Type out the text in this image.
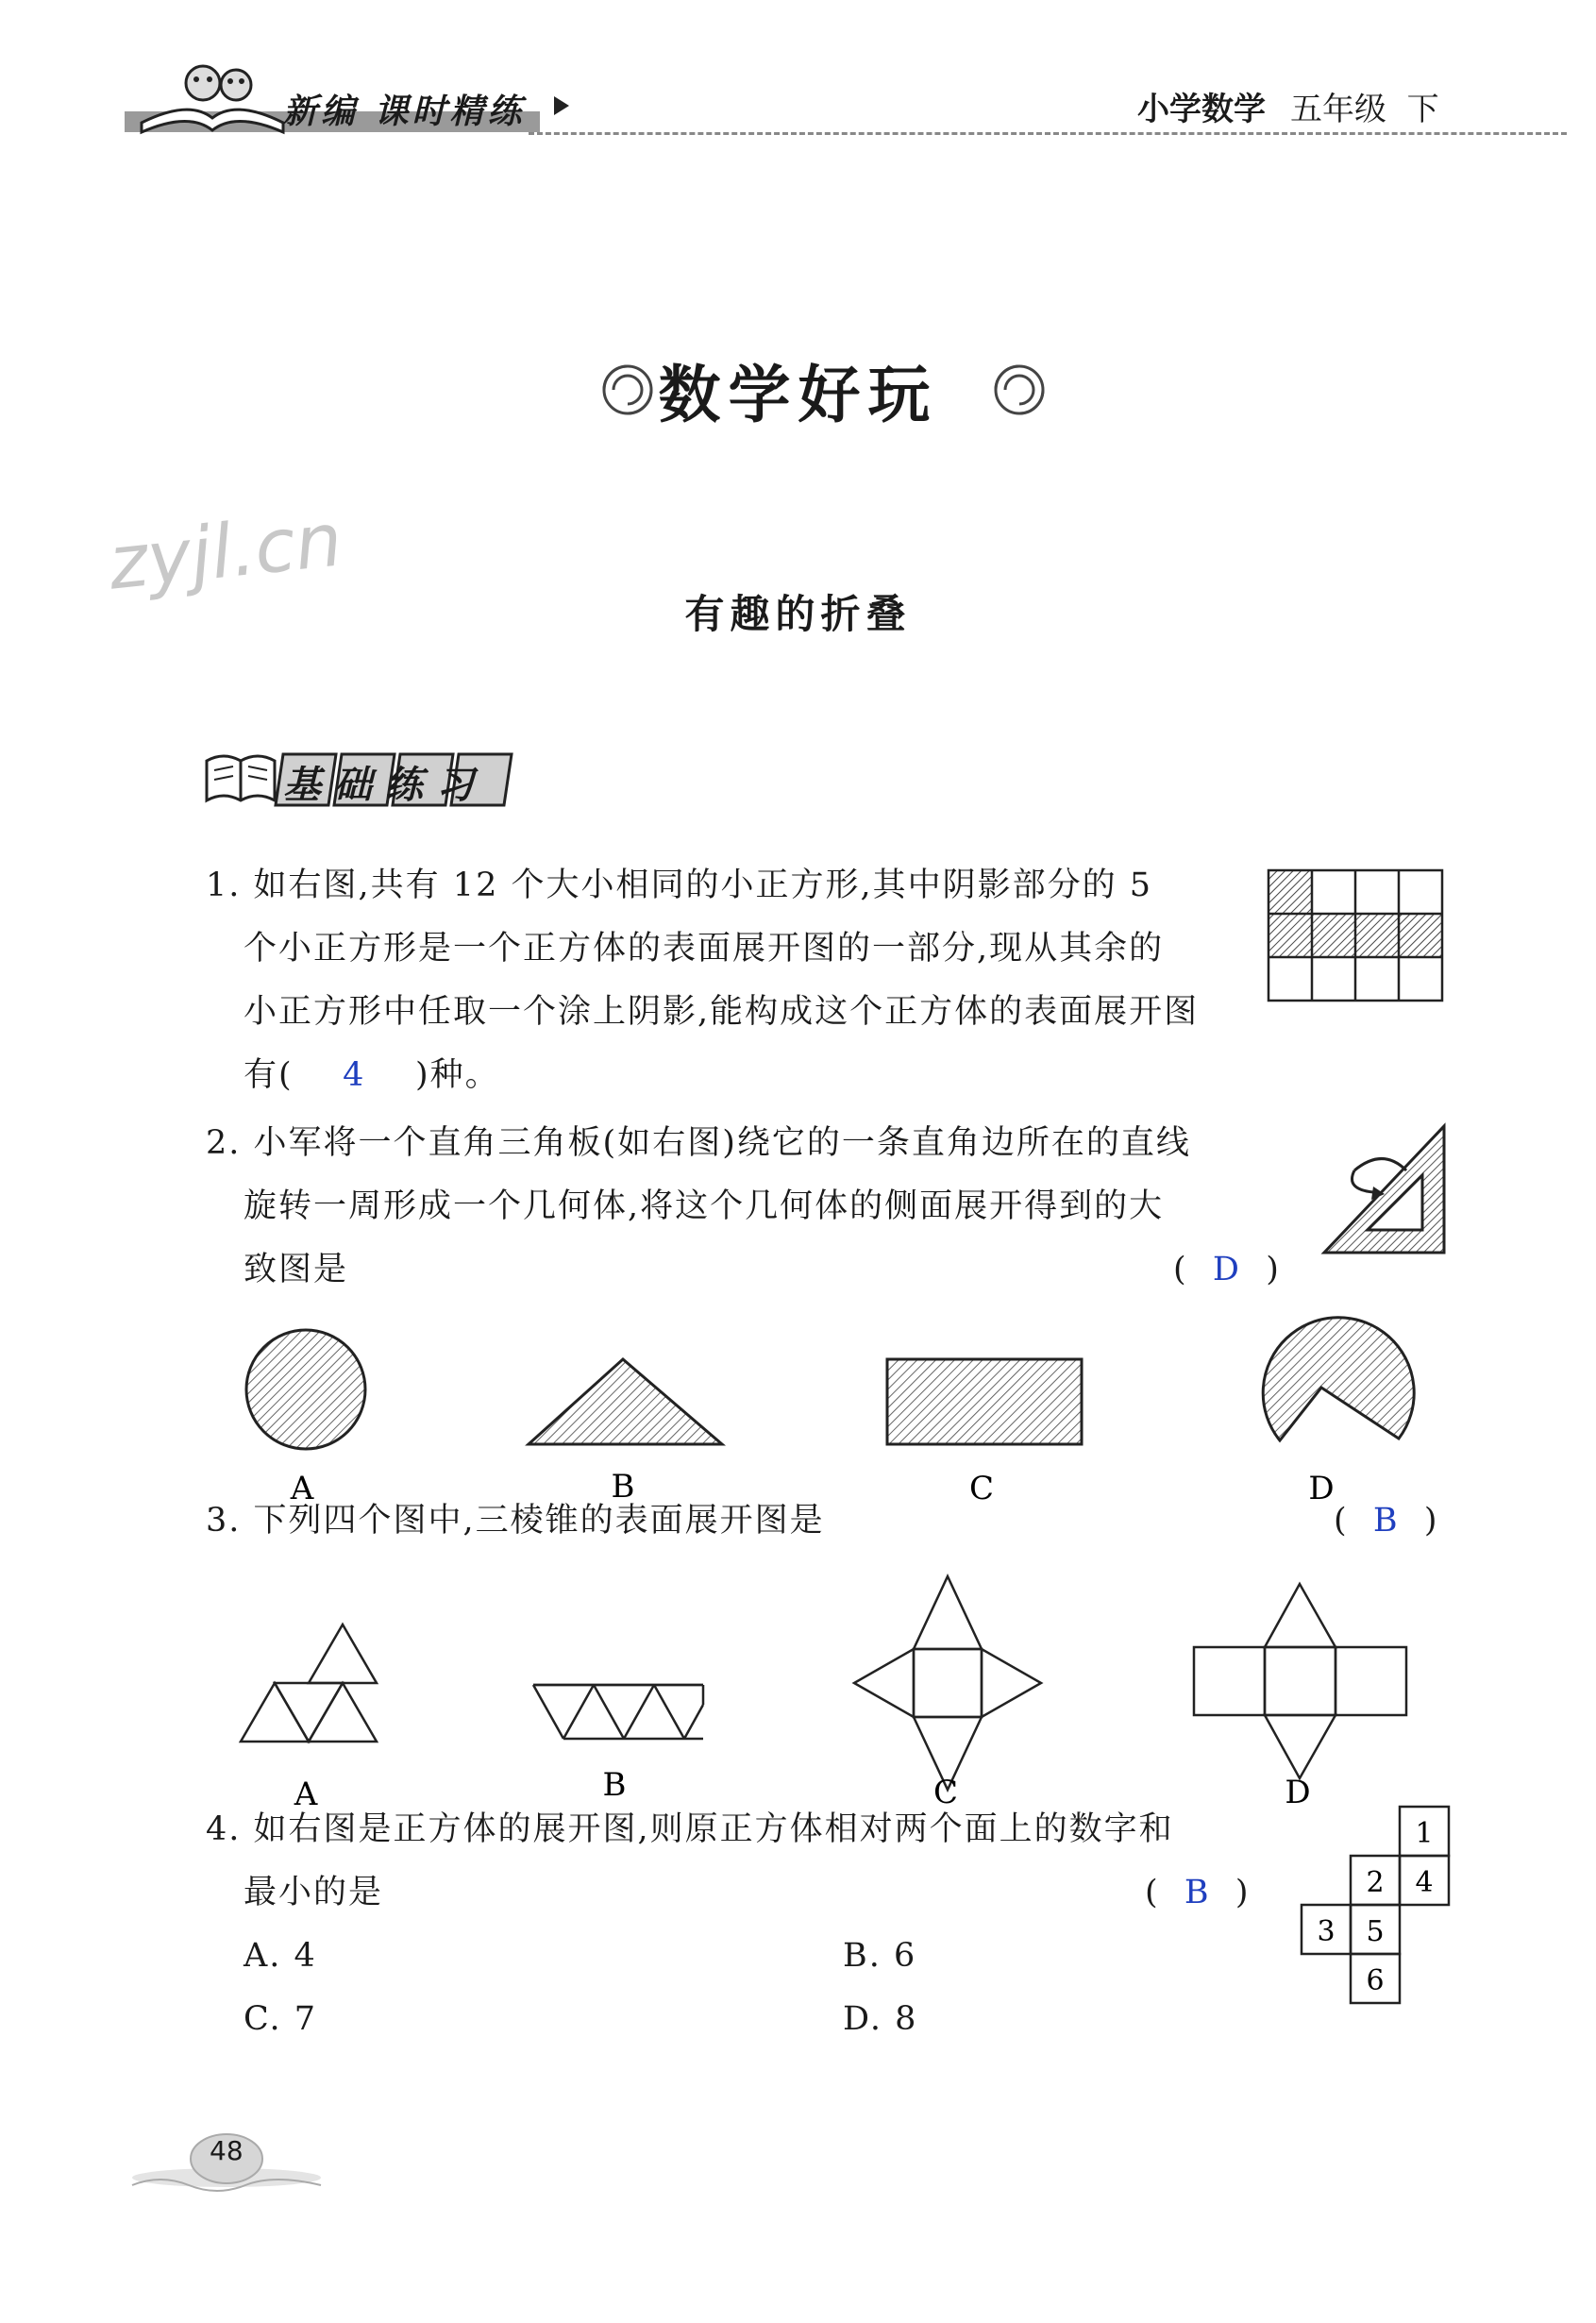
新编 课时精练	小学数学 五年级 下
数学好玩
zyjl.cn
有趣的折叠
基础练习
1. 如右图,共有 12 个大小相同的小正方形,其中阴影部分的 5
个小正方形是一个正方体的表面展开图的一部分,现从其余的
小正方形中任取一个涂上阴影,能构成这个正方体的表面展开图
有( 4 )种。
2. 小军将一个直角三角板(如右图)绕它的一条直角边所在的直线
旋转一周形成一个几何体,将这个几何体的侧面展开得到的大
致图是	(  D  )
A	B	C	D
3. 下列四个图中,三棱锥的表面展开图是	(  B  )
A	B	C	D
4. 如右图是正方体的展开图,则原正方体相对两个面上的数字和
最小的是	(  B  )
A. 4	B. 6
C. 7	D. 8
1
2 4
3 5
6
48
